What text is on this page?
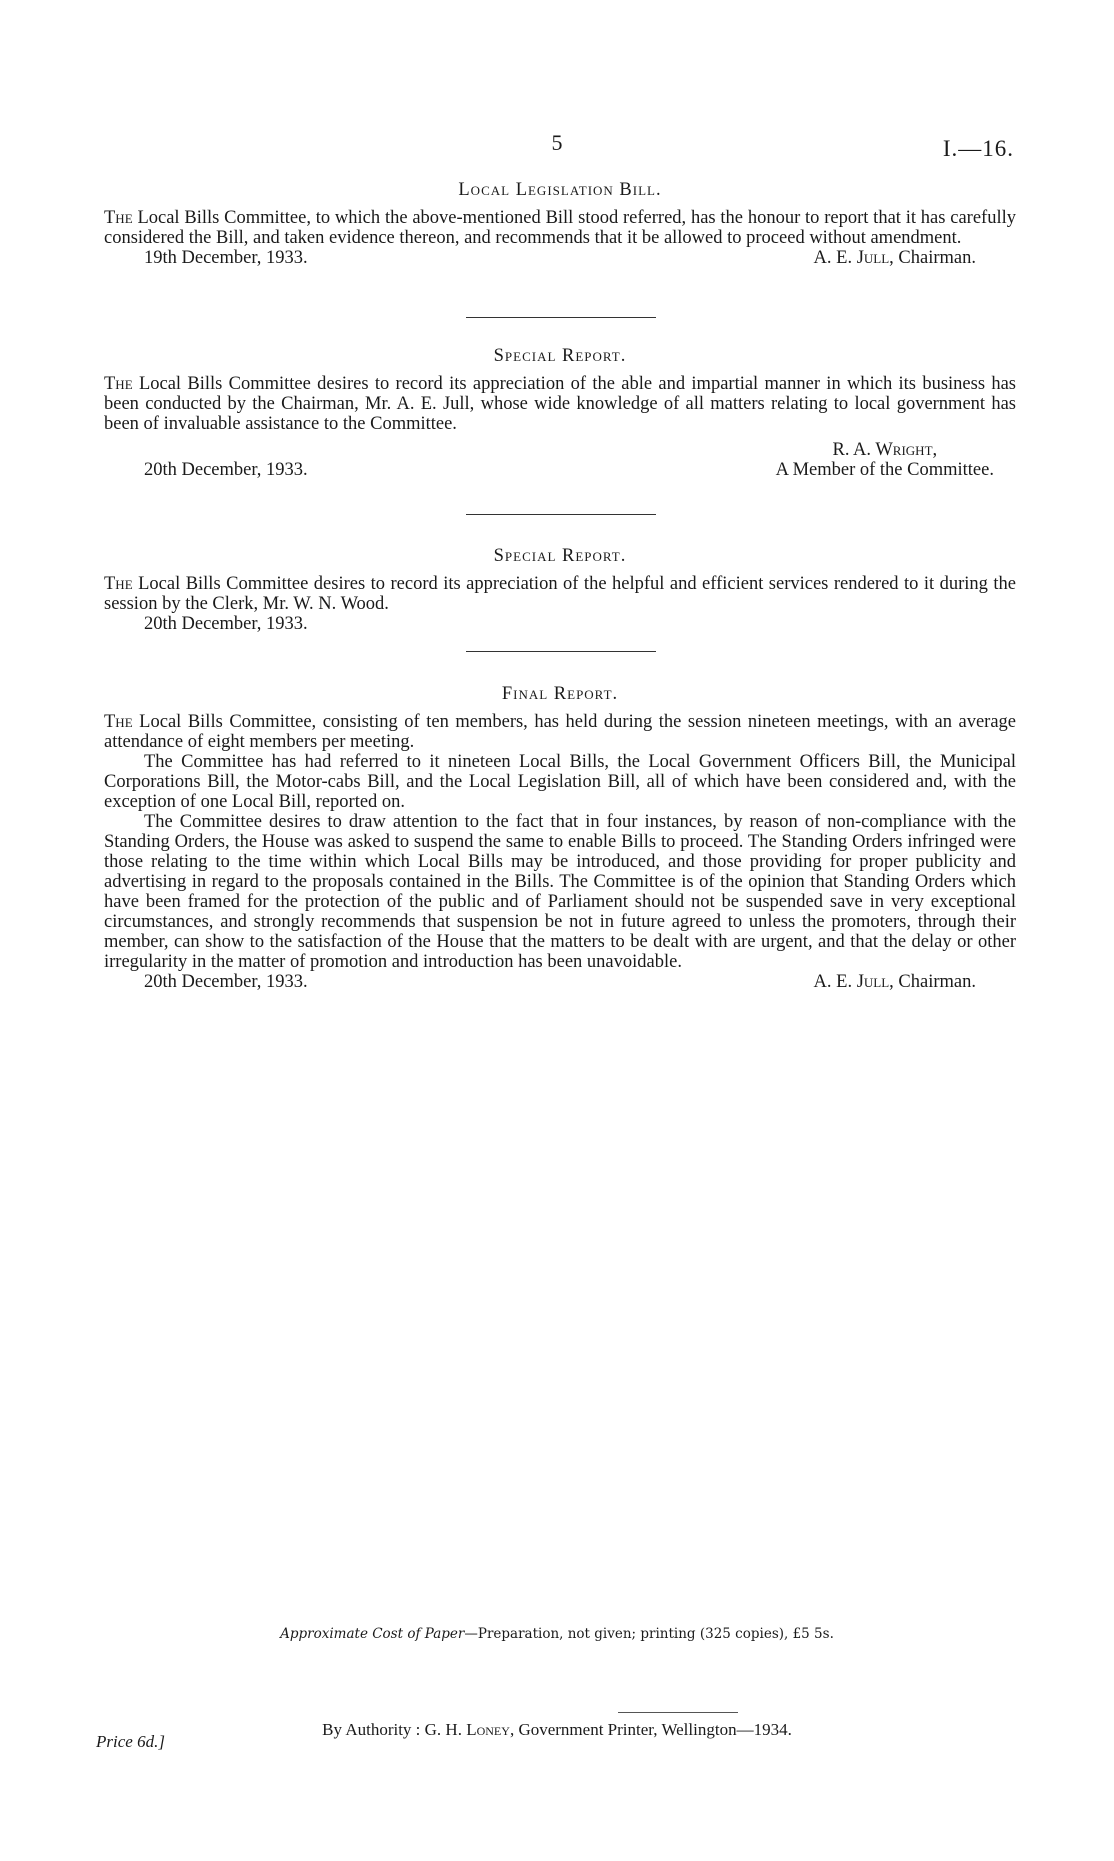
5	I.—16.
Local Legislation Bill.

The Local Bills Committee, to which the above-mentioned Bill stood referred, has the honour to report that it has carefully considered the Bill, and taken evidence thereon, and recommends that it be allowed to proceed without amendment.

19th December, 1933.	A. E. Jull, Chairman.
Special Report.

The Local Bills Committee desires to record its appreciation of the able and impartial manner in which its business has been conducted by the Chairman, Mr. A. E. Jull, whose wide knowledge of all matters relating to local government has been of invaluable assistance to the Committee.

20th December, 1933.
R. A. Wright,
A Member of the Committee.
Special Report.

The Local Bills Committee desires to record its appreciation of the helpful and efficient services rendered to it during the session by the Clerk, Mr. W. N. Wood.

20th December, 1933.
Final Report.

The Local Bills Committee, consisting of ten members, has held during the session nineteen meetings, with an average attendance of eight members per meeting.

The Committee has had referred to it nineteen Local Bills, the Local Government Officers Bill, the Municipal Corporations Bill, the Motor-cabs Bill, and the Local Legislation Bill, all of which have been considered and, with the exception of one Local Bill, reported on.

The Committee desires to draw attention to the fact that in four instances, by reason of non-compliance with the Standing Orders, the House was asked to suspend the same to enable Bills to proceed. The Standing Orders infringed were those relating to the time within which Local Bills may be introduced, and those providing for proper publicity and advertising in regard to the proposals contained in the Bills. The Committee is of the opinion that Standing Orders which have been framed for the protection of the public and of Parliament should not be suspended save in very exceptional circumstances, and strongly recommends that suspension be not in future agreed to unless the promoters, through their member, can show to the satisfaction of the House that the matters to be dealt with are urgent, and that the delay or other irregularity in the matter of promotion and introduction has been unavoidable.

20th December, 1933.	A. E. Jull, Chairman.
Approximate Cost of Paper—Preparation, not given; printing (325 copies), £5 5s.
By Authority : G. H. Loney, Government Printer, Wellington—1934.
Price 6d.]
